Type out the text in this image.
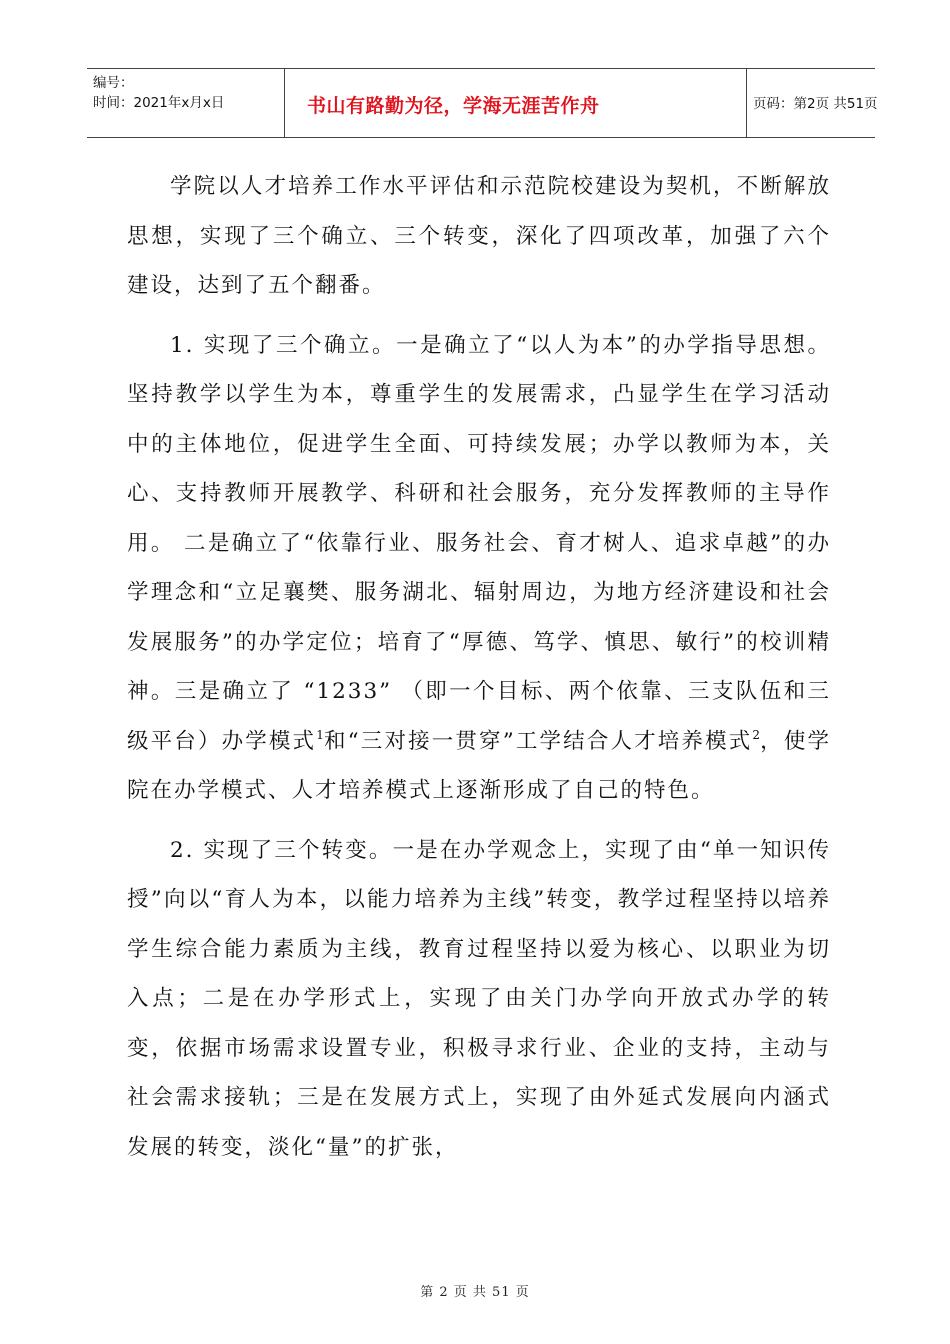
编号：
时间：2021年x月x日	书山有路勤为径，学海无涯苦作舟	页码：第2页 共51页

学院以人才培养工作水平评估和示范院校建设为契机，不断解放思想，实现了三个确立、三个转变，深化了四项改革，加强了六个建设，达到了五个翻番。

1. 实现了三个确立。一是确立了“以人为本”的办学指导思想。坚持教学以学生为本，尊重学生的发展需求，凸显学生在学习活动中的主体地位，促进学生全面、可持续发展；办学以教师为本，关心、支持教师开展教学、科研和社会服务，充分发挥教师的主导作用。 二是确立了“依靠行业、服务社会、育才树人、追求卓越”的办学理念和“立足襄樊、服务湖北、辐射周边，为地方经济建设和社会发展服务”的办学定位；培育了“厚德、笃学、慎思、敏行”的校训精神。三是确立了 “1233” （即一个目标、两个依靠、三支队伍和三级平台）办学模式$^1$和“三对接一贯穿”工学结合人才培养模式$^2$，使学院在办学模式、人才培养模式上逐渐形成了自己的特色。

2. 实现了三个转变。一是在办学观念上，实现了由“单一知识传授”向以“育人为本，以能力培养为主线”转变，教学过程坚持以培养学生综合能力素质为主线，教育过程坚持以爱为核心、以职业为切入点；二是在办学形式上，实现了由关门办学向开放式办学的转变，依据市场需求设置专业，积极寻求行业、企业的支持，主动与社会需求接轨；三是在发展方式上，实现了由外延式发展向内涵式发展的转变，淡化“量”的扩张，

第 2 页 共 51 页
